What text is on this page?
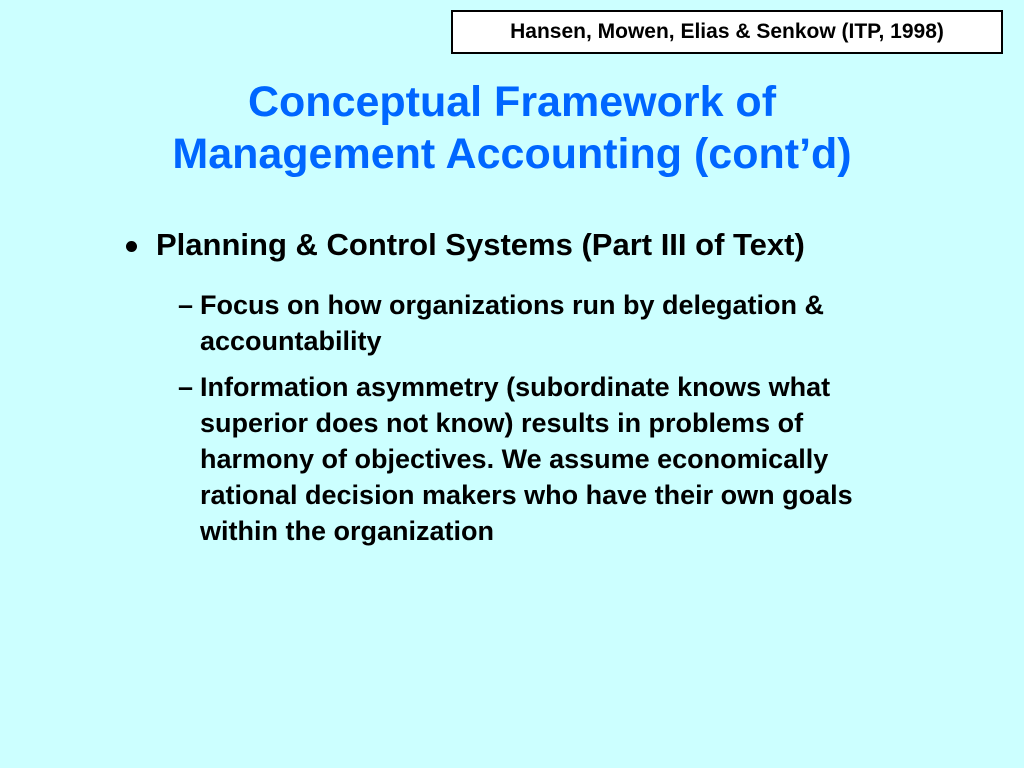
Hansen, Mowen, Elias & Senkow (ITP, 1998)
Conceptual Framework of
Management Accounting (cont’d)
Planning & Control Systems (Part III of Text)
– Focus on how organizations run by delegation & accountability
– Information asymmetry (subordinate knows what superior does not know) results in problems of harmony of objectives. We assume economically rational decision makers who have their own goals within the organization
